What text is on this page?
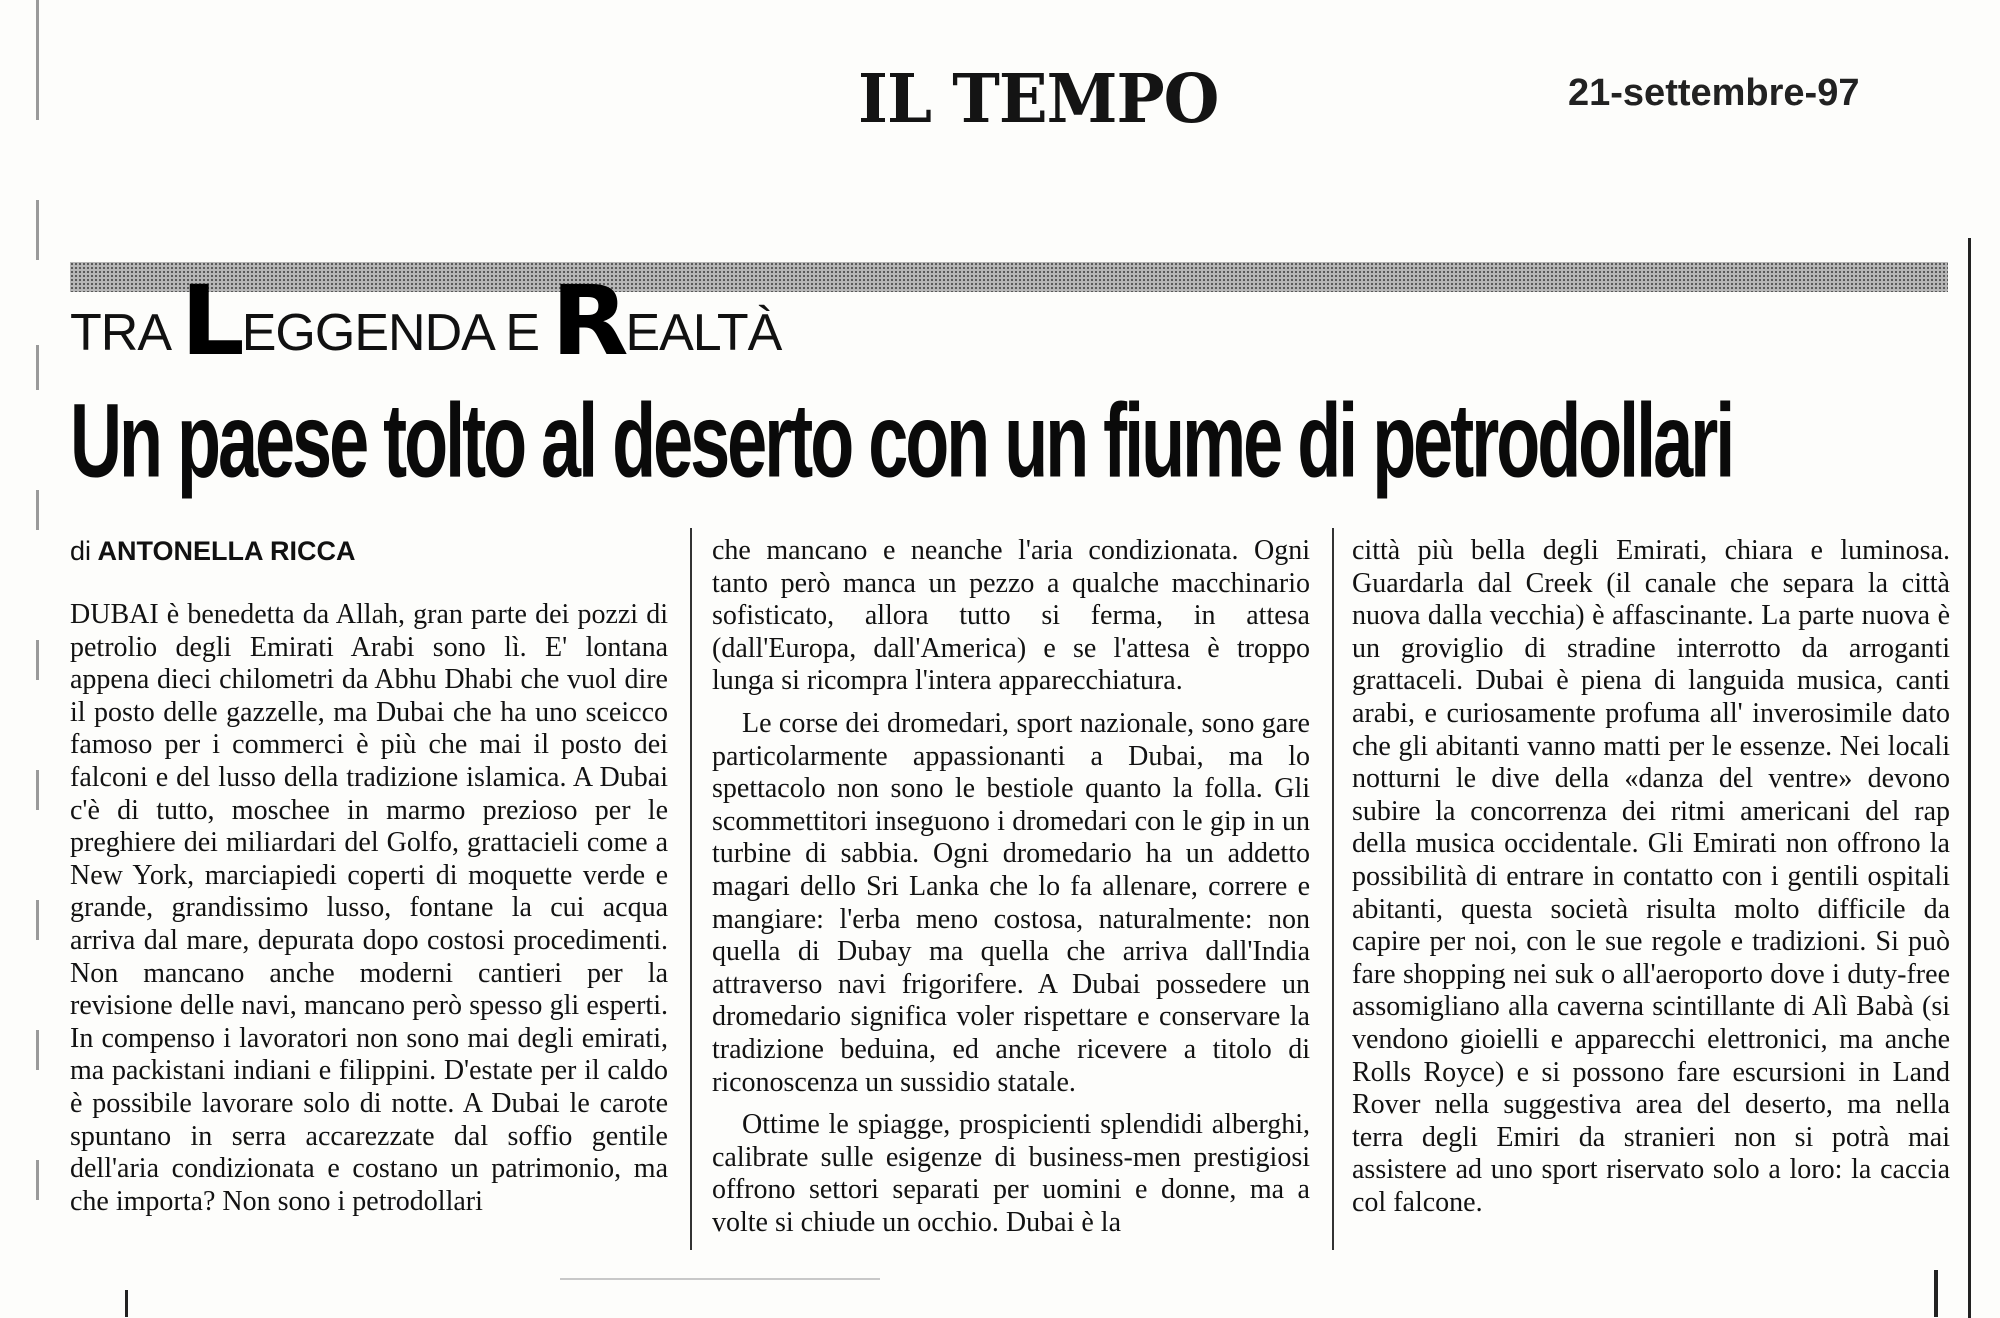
IL TEMPO	21-settembre-97
TRA
L
EGGENDA E
R
EALTÀ
Un paese tolto al deserto con un fiume di petrodollari
di ANTONELLA RICCA

DUBAI è benedetta da Allah, gran parte dei pozzi di petrolio degli Emirati Arabi sono lì. E' lontana appena dieci chilometri da Abhu Dhabi che vuol dire il posto delle gazzelle, ma Dubai che ha uno sceicco famoso per i commerci è più che mai il posto dei falconi e del lusso della tradizione islamica. A Dubai c'è di tutto, moschee in marmo prezioso per le preghiere dei miliardari del Golfo, grattacieli come a New York, marciapiedi coperti di moquette verde e grande, grandissimo lusso, fontane la cui acqua arriva dal mare, depurata dopo costosi procedimenti. Non mancano anche moderni cantieri per la revisione delle navi, mancano però spesso gli esperti. In compenso i lavoratori non sono mai degli emirati, ma packistani indiani e filippini. D'estate per il caldo è possibile lavorare solo di notte. A Dubai le carote spuntano in serra accarezzate dal soffio gentile dell'aria condizionata e costano un patrimonio, ma che importa? Non sono i petrodollari

che mancano e neanche l'aria condizionata. Ogni tanto però manca un pezzo a qualche macchinario sofisticato, allora tutto si ferma, in attesa (dall'Europa, dall'America) e se l'attesa è troppo lunga si ricompra l'intera apparecchiatura.

Le corse dei dromedari, sport nazionale, sono gare particolarmente appassionanti a Dubai, ma lo spettacolo non sono le bestiole quanto la folla. Gli scommettitori inseguono i dromedari con le gip in un turbine di sabbia. Ogni dromedario ha un addetto magari dello Sri Lanka che lo fa allenare, correre e mangiare: l'erba meno costosa, naturalmente: non quella di Dubay ma quella che arriva dall'India attraverso navi frigorifere. A Dubai possedere un dromedario significa voler rispettare e conservare la tradizione beduina, ed anche ricevere a titolo di riconoscenza un sussidio statale.

Ottime le spiagge, prospicienti splendidi alberghi, calibrate sulle esigenze di business-men prestigiosi offrono settori separati per uomini e donne, ma a volte si chiude un occhio. Dubai è la

città più bella degli Emirati, chiara e luminosa. Guardarla dal Creek (il canale che separa la città nuova dalla vecchia) è affascinante. La parte nuova è un groviglio di stradine interrotto da arroganti grattaceli. Dubai è piena di languida musica, canti arabi, e curiosamente profuma all' inverosimile dato che gli abitanti vanno matti per le essenze. Nei locali notturni le dive della «danza del ventre» devono subire la concorrenza dei ritmi americani del rap della musica occidentale. Gli Emirati non offrono la possibilità di entrare in contatto con i gentili ospitali abitanti, questa società risulta molto difficile da capire per noi, con le sue regole e tradizioni. Si può fare shopping nei suk o all'aeroporto dove i duty-free assomigliano alla caverna scintillante di Alì Babà (si vendono gioielli e apparecchi elettronici, ma anche Rolls Royce) e si possono fare escursioni in Land Rover nella suggestiva area del deserto, ma nella terra degli Emiri da stranieri non si potrà mai assistere ad uno sport riservato solo a loro: la caccia col falcone.
